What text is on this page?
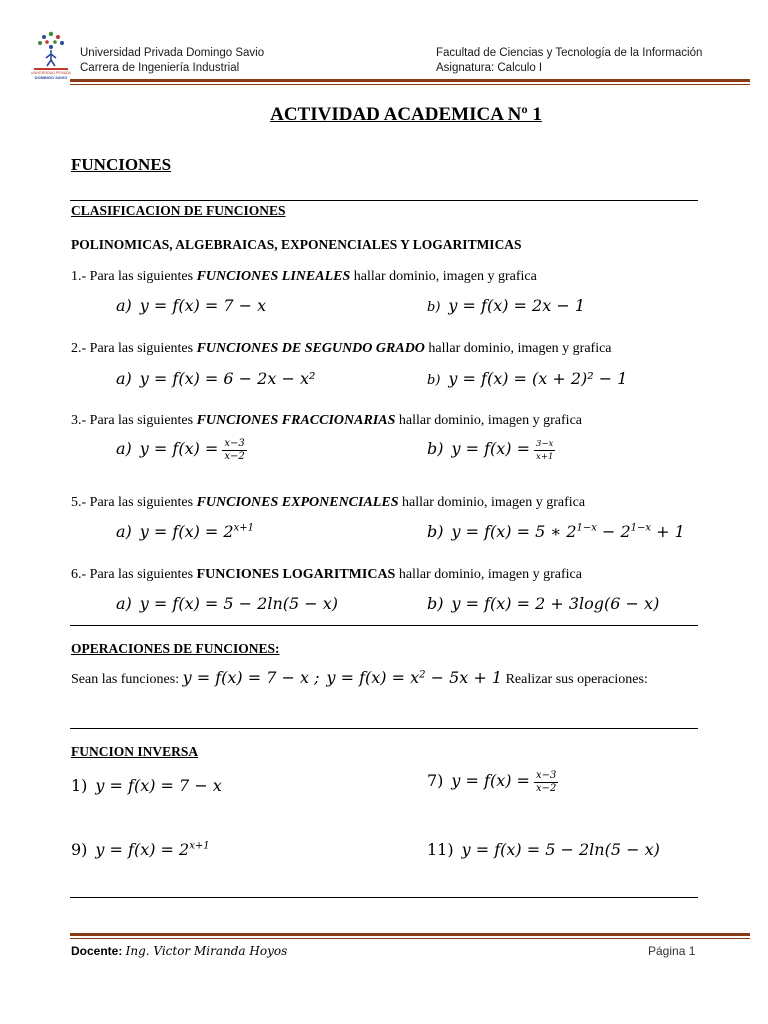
UNIVERSIDAD PRIVADA
DOMINGO SAVIO
Universidad Privada Domingo Savio
Carrera de Ingeniería Industrial
Facultad de Ciencias y Tecnología de la Información
Asignatura: Calculo I
ACTIVIDAD ACADEMICA Nº 1
FUNCIONES
CLASIFICACION DE FUNCIONES
POLINOMICAS, ALGEBRAICAS, EXPONENCIALES Y LOGARITMICAS
1.- Para las siguientes FUNCIONES LINEALES hallar dominio, imagen y grafica
a) y = f(x) = 7 − x	b) y = f(x) = 2x − 1
2.- Para las siguientes FUNCIONES DE SEGUNDO GRADO hallar dominio, imagen y grafica
a) y = f(x) = 6 − 2x − x²	b) y = f(x) = (x + 2)² − 1
3.- Para las siguientes FUNCIONES FRACCIONARIAS hallar dominio, imagen y grafica
a) $y = f(x) = \frac{x-3}{x-2}$	b) $y = f(x) = \frac{3-x}{x+1}$
5.- Para las siguientes FUNCIONES EXPONENCIALES hallar dominio, imagen y grafica
a) $y = f(x) = 2^{x+1}$	b) y = f(x) = 5 ∗ $2^{1-x} - 2^{1-x} + 1$
6.- Para las siguientes FUNCIONES LOGARITMICAS hallar dominio, imagen y grafica
a) y = f(x) = 5 − 2ln(5 − x)	b) y = f(x) = 2 + 3log(6 − x)
OPERACIONES DE FUNCIONES:
Sean las funciones: y = f(x) = 7 − x ; $y = f(x) = x^2 - 5x + 1$ Realizar sus operaciones:
FUNCION INVERSA
1) y = f(x) = 7 − x	7) $y = f(x) = \frac{x-3}{x-2}$
9) $y = f(x) = 2^{x+1}$	11) y = f(x) = 5 − 2ln(5 − x)
Docente: Ing. Victor Miranda Hoyos	Página 1
